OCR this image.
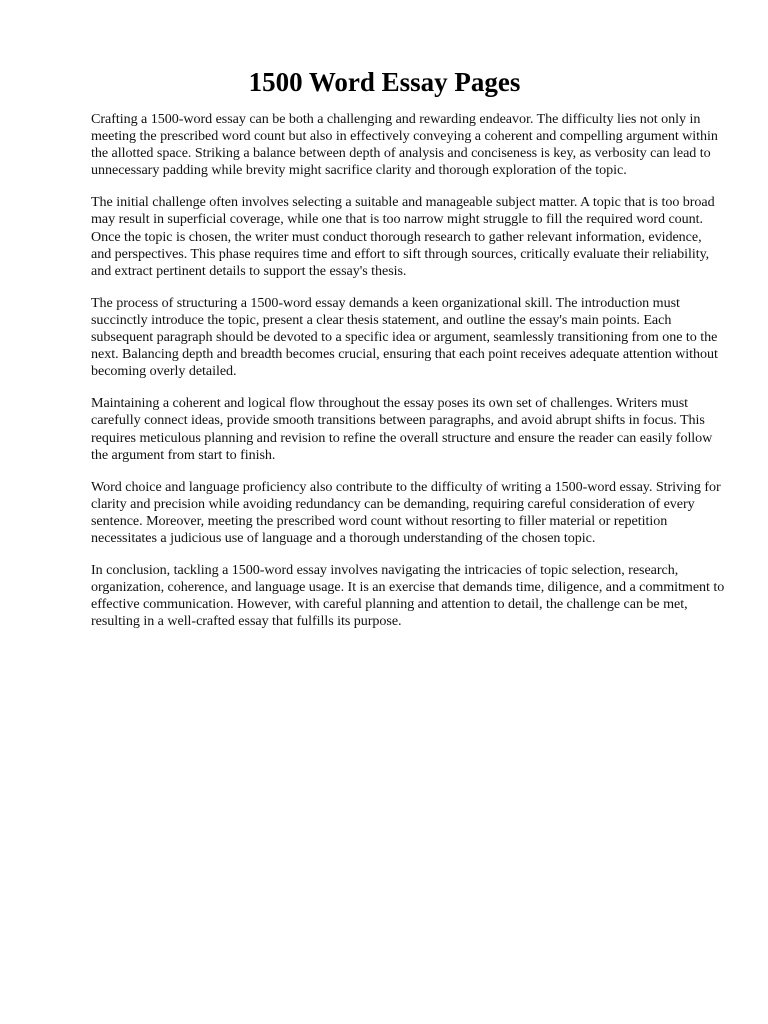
1500 Word Essay Pages

Crafting a 1500-word essay can be both a challenging and rewarding endeavor. The difficulty lies not only in meeting the prescribed word count but also in effectively conveying a coherent and compelling argument within the allotted space. Striking a balance between depth of analysis and conciseness is key, as verbosity can lead to unnecessary padding while brevity might sacrifice clarity and thorough exploration of the topic.

The initial challenge often involves selecting a suitable and manageable subject matter. A topic that is too broad may result in superficial coverage, while one that is too narrow might struggle to fill the required word count. Once the topic is chosen, the writer must conduct thorough research to gather relevant information, evidence, and perspectives. This phase requires time and effort to sift through sources, critically evaluate their reliability, and extract pertinent details to support the essay's thesis.

The process of structuring a 1500-word essay demands a keen organizational skill. The introduction must succinctly introduce the topic, present a clear thesis statement, and outline the essay's main points. Each subsequent paragraph should be devoted to a specific idea or argument, seamlessly transitioning from one to the next. Balancing depth and breadth becomes crucial, ensuring that each point receives adequate attention without becoming overly detailed.

Maintaining a coherent and logical flow throughout the essay poses its own set of challenges. Writers must carefully connect ideas, provide smooth transitions between paragraphs, and avoid abrupt shifts in focus. This requires meticulous planning and revision to refine the overall structure and ensure the reader can easily follow the argument from start to finish.

Word choice and language proficiency also contribute to the difficulty of writing a 1500-word essay. Striving for clarity and precision while avoiding redundancy can be demanding, requiring careful consideration of every sentence. Moreover, meeting the prescribed word count without resorting to filler material or repetition necessitates a judicious use of language and a thorough understanding of the chosen topic.

In conclusion, tackling a 1500-word essay involves navigating the intricacies of topic selection, research, organization, coherence, and language usage. It is an exercise that demands time, diligence, and a commitment to effective communication. However, with careful planning and attention to detail, the challenge can be met, resulting in a well-crafted essay that fulfills its purpose.
